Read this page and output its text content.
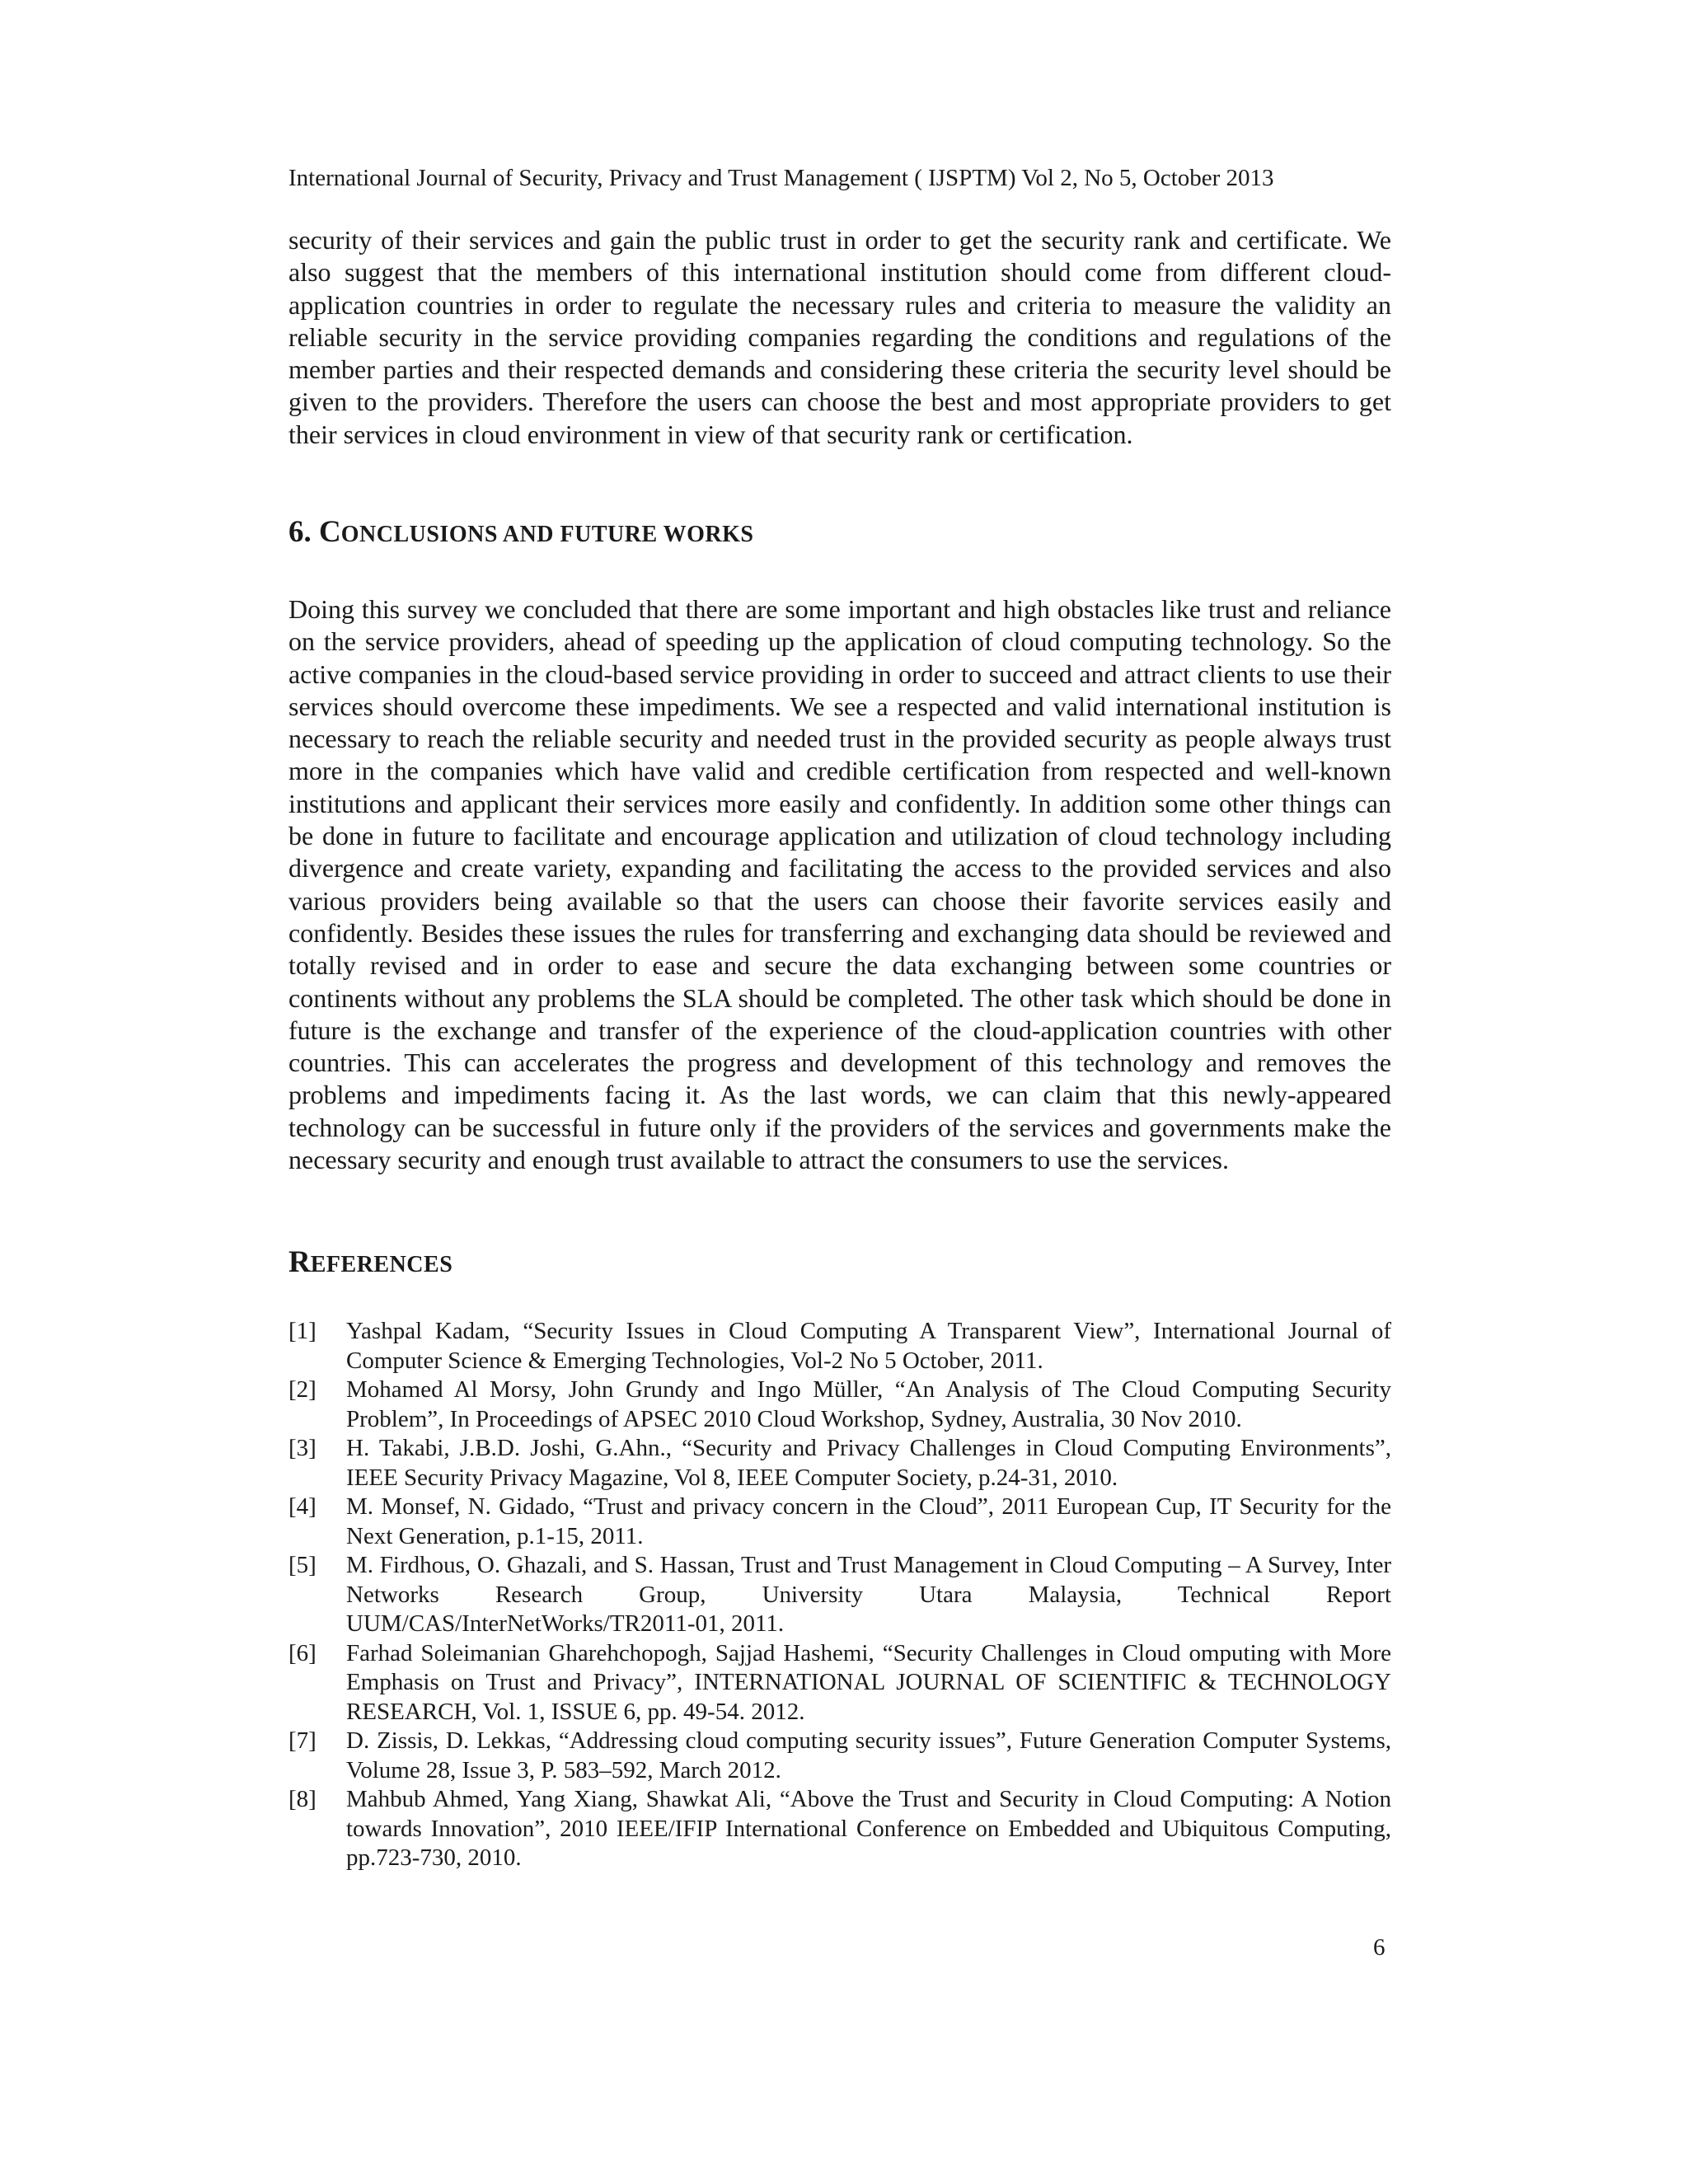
International Journal of Security, Privacy and Trust Management ( IJSPTM) Vol 2, No 5, October 2013

security of their services and gain the public trust in order to get the security rank and certificate. We also suggest that the members of this international institution should come from different cloud-application countries in order to regulate the necessary rules and criteria to measure the validity an reliable security in the service providing companies regarding the conditions and regulations of the member parties and their respected demands and considering these criteria the security level should be given to the providers. Therefore the users can choose the best and most appropriate providers to get their services in cloud environment in view of that security rank or certification.

6. CONCLUSIONS AND FUTURE WORKS

Doing this survey we concluded that there are some important and high obstacles like trust and reliance on the service providers, ahead of speeding up the application of cloud computing technology. So the active companies in the cloud-based service providing in order to succeed and attract clients to use their services should overcome these impediments. We see a respected and valid international institution is necessary to reach the reliable security and needed trust in the provided security as people always trust more in the companies which have valid and credible certification from respected and well-known institutions and applicant their services more easily and confidently. In addition some other things can be done in future to facilitate and encourage application and utilization of cloud technology including divergence and create variety, expanding and facilitating the access to the provided services and also various providers being available so that the users can choose their favorite services easily and confidently. Besides these issues the rules for transferring and exchanging data should be reviewed and totally revised and in order to ease and secure the data exchanging between some countries or continents without any problems the SLA should be completed. The other task which should be done in future is the exchange and transfer of the experience of the cloud-application countries with other countries. This can accelerates the progress and development of this technology and removes the problems and impediments facing it. As the last words, we can claim that this newly-appeared technology can be successful in future only if the providers of the services and governments make the necessary security and enough trust available to attract the consumers to use the services.

REFERENCES
[1]	Yashpal Kadam, “Security Issues in Cloud Computing A Transparent View”, International Journal of Computer Science & Emerging Technologies, Vol-2 No 5 October, 2011.
[2]	Mohamed Al Morsy, John Grundy and Ingo Müller, “An Analysis of The Cloud Computing Security Problem”, In Proceedings of APSEC 2010 Cloud Workshop, Sydney, Australia, 30 Nov 2010.
[3]	H. Takabi, J.B.D. Joshi, G.Ahn., “Security and Privacy Challenges in Cloud Computing Environments”, IEEE Security Privacy Magazine, Vol 8, IEEE Computer Society, p.24-31, 2010.
[4]	M. Monsef, N. Gidado, “Trust and privacy concern in the Cloud”, 2011 European Cup, IT Security for the Next Generation, p.1-15, 2011.
[5]	M. Firdhous, O. Ghazali, and S. Hassan, Trust and Trust Management in Cloud Computing – A Survey, Inter Networks Research Group, University Utara Malaysia, Technical Report UUM/CAS/InterNetWorks/TR2011-01, 2011.
[6]	Farhad Soleimanian Gharehchopogh, Sajjad Hashemi, “Security Challenges in Cloud omputing with More Emphasis on Trust and Privacy”, INTERNATIONAL JOURNAL OF SCIENTIFIC & TECHNOLOGY RESEARCH, Vol. 1, ISSUE 6, pp. 49-54. 2012.
[7]	D. Zissis, D. Lekkas, “Addressing cloud computing security issues”, Future Generation Computer Systems, Volume 28, Issue 3, P. 583–592, March 2012.
[8]	Mahbub Ahmed, Yang Xiang, Shawkat Ali, “Above the Trust and Security in Cloud Computing: A Notion towards Innovation”, 2010 IEEE/IFIP International Conference on Embedded and Ubiquitous Computing, pp.723-730, 2010.
6
